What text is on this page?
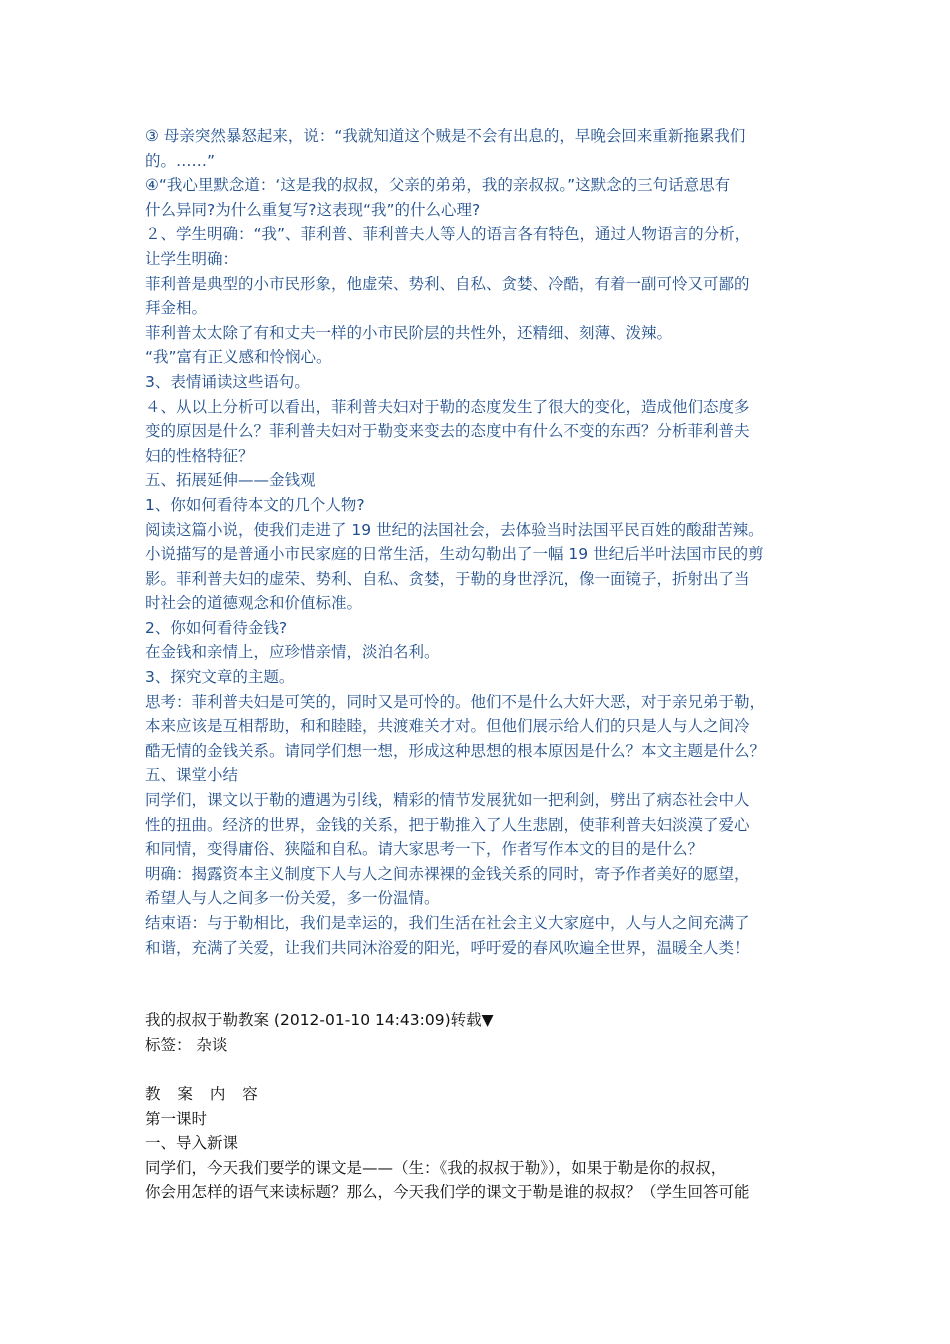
③ 母亲突然暴怒起来，说：“我就知道这个贼是不会有出息的，早晚会回来重新拖累我们

的。……”

④“我心里默念道：‘这是我的叔叔，父亲的弟弟，我的亲叔叔。”这默念的三句话意思有

什么异同?为什么重复写?这表现“我”的什么心理?

２、学生明确：“我”、菲利普、菲利普夫人等人的语言各有特色，通过人物语言的分析，

让学生明确：

菲利普是典型的小市民形象，他虚荣、势利、自私、贪婪、冷酷，有着一副可怜又可鄙的

拜金相。

菲利普太太除了有和丈夫一样的小市民阶层的共性外，还精细、刻薄、泼辣。

“我”富有正义感和怜悯心。

3、表情诵读这些语句。

４、从以上分析可以看出，菲利普夫妇对于勒的态度发生了很大的变化，造成他们态度多

变的原因是什么？菲利普夫妇对于勒变来变去的态度中有什么不变的东西？分析菲利普夫

妇的性格特征？

五、拓展延伸——金钱观

1、你如何看待本文的几个人物?

阅读这篇小说，使我们走进了 19 世纪的法国社会，去体验当时法国平民百姓的酸甜苦辣。

小说描写的是普通小市民家庭的日常生活，生动勾勒出了一幅 19 世纪后半叶法国市民的剪

影。菲利普夫妇的虚荣、势利、自私、贪婪，于勒的身世浮沉，像一面镜子，折射出了当

时社会的道德观念和价值标准。

2、你如何看待金钱?

在金钱和亲情上，应珍惜亲情，淡泊名利。

3、探究文章的主题。

思考：菲利普夫妇是可笑的，同时又是可怜的。他们不是什么大奸大恶，对于亲兄弟于勒，

本来应该是互相帮助，和和睦睦，共渡难关才对。但他们展示给人们的只是人与人之间冷

酷无情的金钱关系。请同学们想一想，形成这种思想的根本原因是什么？本文主题是什么？

五、课堂小结

同学们，课文以于勒的遭遇为引线，精彩的情节发展犹如一把利剑，劈出了病态社会中人

性的扭曲。经济的世界，金钱的关系，把于勒推入了人生悲剧，使菲利普夫妇淡漠了爱心

和同情，变得庸俗、狭隘和自私。请大家思考一下，作者写作本文的目的是什么？

明确：揭露资本主义制度下人与人之间赤裸裸的金钱关系的同时，寄予作者美好的愿望，

希望人与人之间多一份关爱，多一份温情。

结束语：与于勒相比，我们是幸运的，我们生活在社会主义大家庭中，人与人之间充满了

和谐，充满了关爱，让我们共同沐浴爱的阳光，呼吁爱的春风吹遍全世界，温暖全人类！

我的叔叔于勒教案 (2012-01-10 14:43:09)转载▼

标签： 杂谈

教 案 内 容

第一课时

一、导入新课

同学们，今天我们要学的课文是——（生：《我的叔叔于勒》），如果于勒是你的叔叔，

你会用怎样的语气来读标题？那么，今天我们学的课文于勒是谁的叔叔？（学生回答可能
